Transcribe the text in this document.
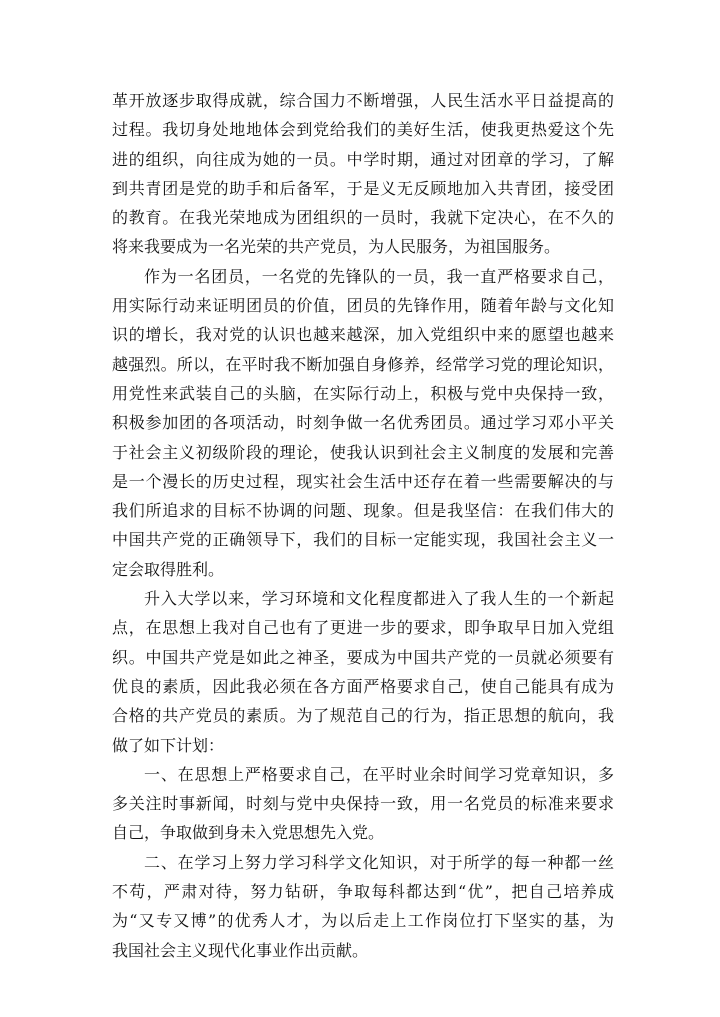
革开放逐步取得成就，综合国力不断增强，人民生活水平日益提高的
过程。我切身处地地体会到党给我们的美好生活，使我更热爱这个先
进的组织，向往成为她的一员。中学时期，通过对团章的学习，了解
到共青团是党的助手和后备军，于是义无反顾地加入共青团，接受团
的教育。在我光荣地成为团组织的一员时，我就下定决心，在不久的
将来我要成为一名光荣的共产党员，为人民服务，为祖国服务。
作为一名团员，一名党的先锋队的一员，我一直严格要求自己，
用实际行动来证明团员的价值，团员的先锋作用，随着年龄与文化知
识的增长，我对党的认识也越来越深，加入党组织中来的愿望也越来
越强烈。所以，在平时我不断加强自身修养，经常学习党的理论知识，
用党性来武装自己的头脑，在实际行动上，积极与党中央保持一致，
积极参加团的各项活动，时刻争做一名优秀团员。通过学习邓小平关
于社会主义初级阶段的理论，使我认识到社会主义制度的发展和完善
是一个漫长的历史过程，现实社会生活中还存在着一些需要解决的与
我们所追求的目标不协调的问题、现象。但是我坚信：在我们伟大的
中国共产党的正确领导下，我们的目标一定能实现，我国社会主义一
定会取得胜利。
升入大学以来，学习环境和文化程度都进入了我人生的一个新起
点，在思想上我对自己也有了更进一步的要求，即争取早日加入党组
织。中国共产党是如此之神圣，要成为中国共产党的一员就必须要有
优良的素质，因此我必须在各方面严格要求自己，使自己能具有成为
合格的共产党员的素质。为了规范自己的行为，指正思想的航向，我
做了如下计划：
一、在思想上严格要求自己，在平时业余时间学习党章知识，多
多关注时事新闻，时刻与党中央保持一致，用一名党员的标准来要求
自己，争取做到身未入党思想先入党。
二、在学习上努力学习科学文化知识，对于所学的每一种都一丝
不苟，严肃对待，努力钻研，争取每科都达到“优”，把自己培养成
为“又专又博”的优秀人才，为以后走上工作岗位打下坚实的基，为
我国社会主义现代化事业作出贡献。
